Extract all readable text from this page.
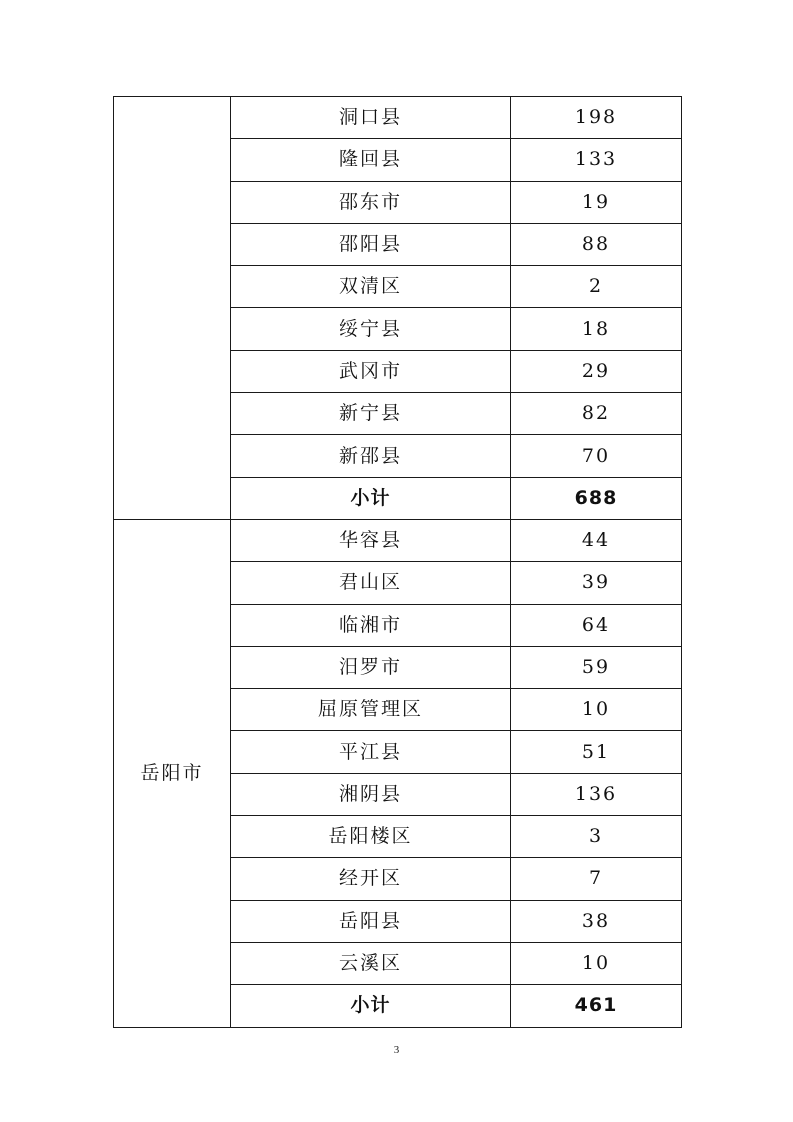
	洞口县	198
	隆回县	133
	邵东市	19
	邵阳县	88
	双清区	2
	绥宁县	18
	武冈市	29
	新宁县	82
	新邵县	70
	小计	688
岳阳市	华容县	44
	君山区	39
	临湘市	64
	汨罗市	59
	屈原管理区	10
	平江县	51
	湘阴县	136
	岳阳楼区	3
	经开区	7
	岳阳县	38
	云溪区	10
	小计	461
3
